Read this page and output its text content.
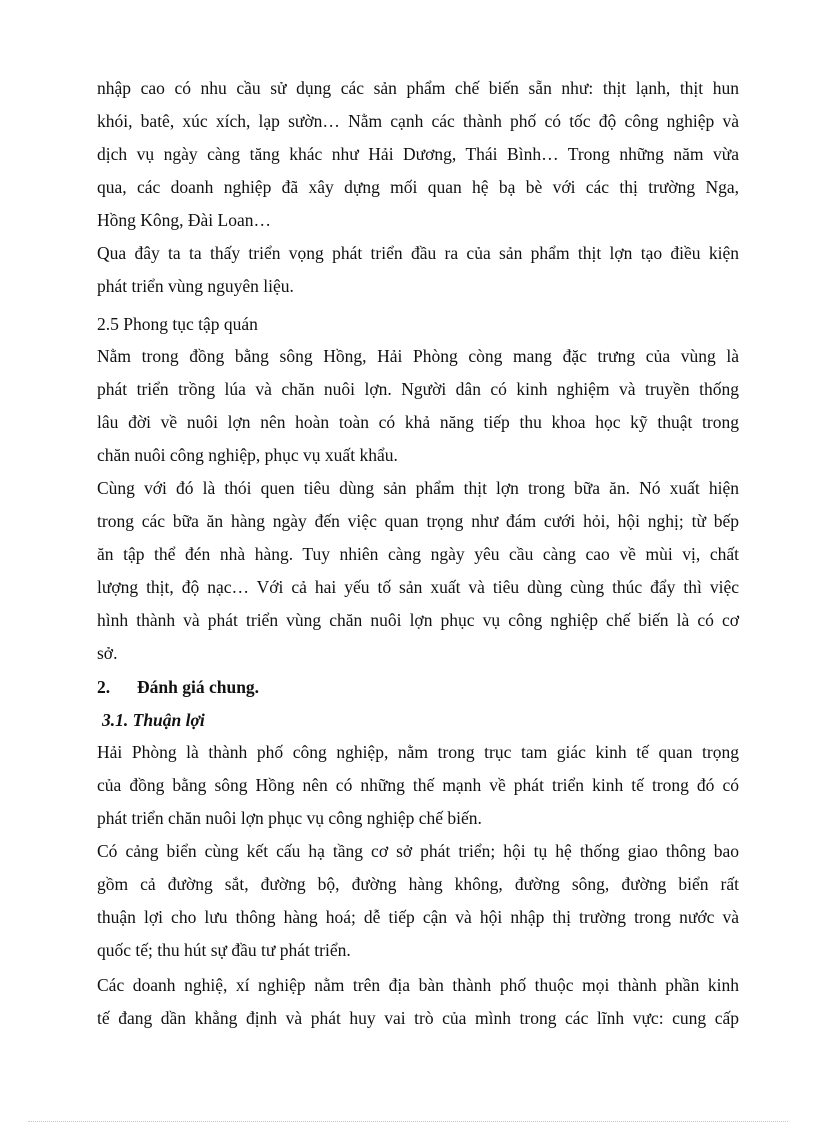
nhập cao có nhu cầu sử dụng các sản phẩm chế biến sẵn như: thịt lạnh, thịt hun
khói, batê, xúc xích, lạp sườn… Nằm cạnh các thành phố có tốc độ công nghiệp và
dịch vụ ngày càng tăng khác như Hải Dương, Thái Bình… Trong những năm vừa
qua, các doanh nghiệp đã xây dựng mối quan hệ bạ bè với các thị trường Nga,
Hồng Kông, Đài Loan…
Qua đây ta ta thấy triển vọng phát triển đầu ra của sản phẩm thịt lợn tạo điều kiện
phát triển vùng nguyên liệu.
2.5 Phong tục tập quán
Nằm trong đồng bằng sông Hồng, Hải Phòng còng mang đặc trưng của vùng là
phát triển trồng lúa và chăn nuôi lợn. Người dân có kinh nghiệm và truyền thống
lâu đời về nuôi lợn nên hoàn toàn có khả năng tiếp thu khoa học kỹ thuật trong
chăn nuôi công nghiệp, phục vụ xuất khẩu.
Cùng với đó là thói quen tiêu dùng sản phẩm thịt lợn trong bữa ăn. Nó xuất hiện
trong các bữa ăn hàng ngày đến việc quan trọng như đám cưới hỏi, hội nghị; từ bếp
ăn tập thể đén nhà hàng. Tuy nhiên càng ngày yêu cầu càng cao về mùi vị, chất
lượng thịt, độ nạc… Với cả hai yếu tố sản xuất và tiêu dùng cùng thúc đẩy thì việc
hình thành và phát triển vùng chăn nuôi lợn phục vụ công nghiệp chế biến là có cơ
sở.
2. Đánh giá chung.
3.1. Thuận lợi
Hải Phòng là thành phố công nghiệp, nằm trong trục tam giác kinh tế quan trọng
của đồng bằng sông Hồng nên có những thế mạnh về phát triển kinh tế trong đó có
phát triển chăn nuôi lợn phục vụ công nghiệp chế biến.
Có cảng biển cùng kết cấu hạ tầng cơ sở phát triển; hội tụ hệ thống giao thông bao
gồm cả đường sắt, đường bộ, đường hàng không, đường sông, đường biển rất
thuận lợi cho lưu thông hàng hoá; dễ tiếp cận và hội nhập thị trường trong nước và
quốc tế; thu hút sự đầu tư phát triển.
Các doanh nghiệ, xí nghiệp nằm trên địa bàn thành phố thuộc mọi thành phần kinh
tế đang dần khẳng định và phát huy vai trò của mình trong các lĩnh vực: cung cấp
